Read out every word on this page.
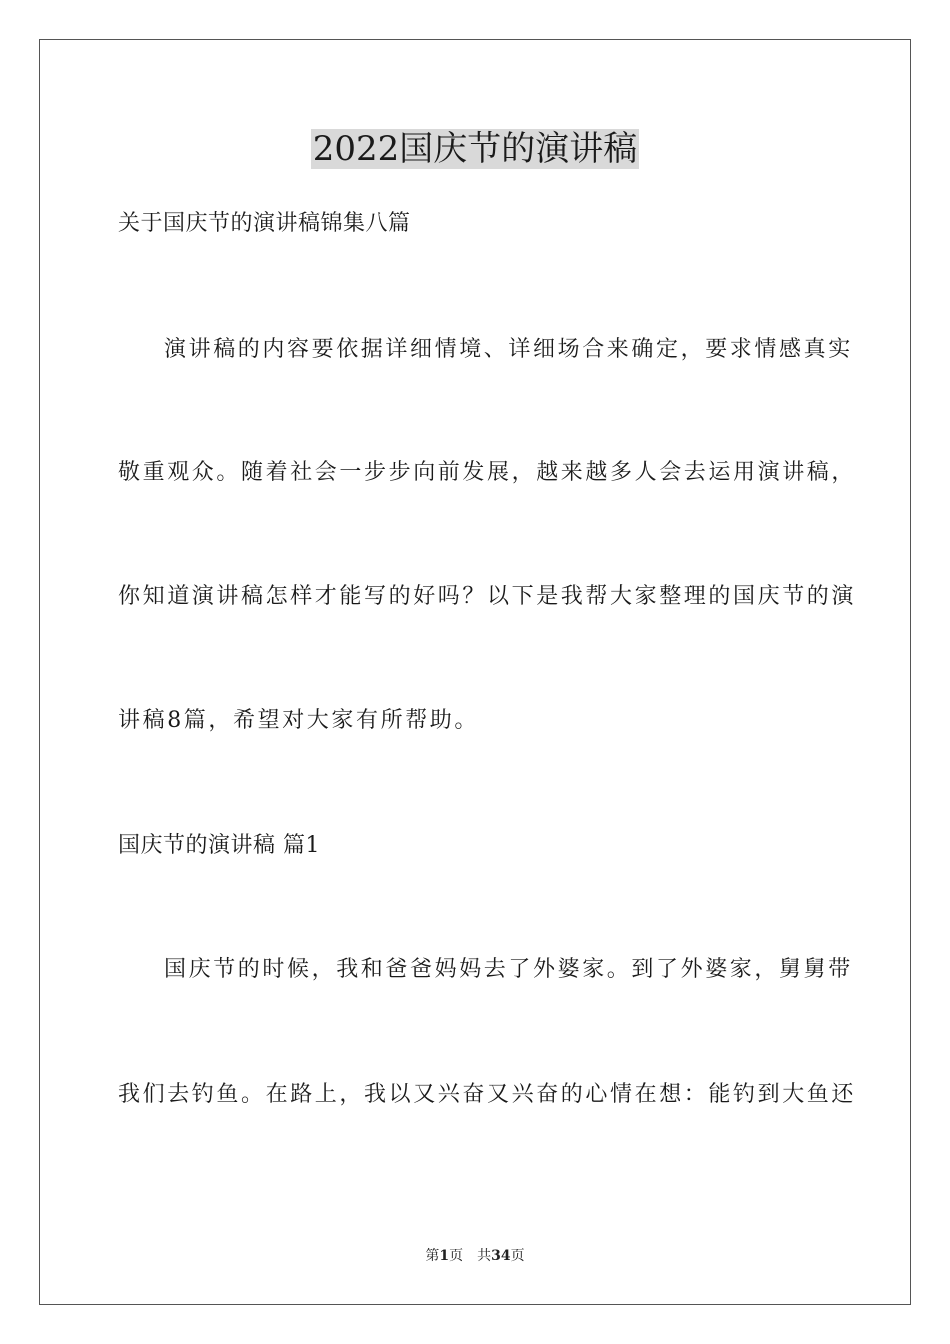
2022国庆节的演讲稿
关于国庆节的演讲稿锦集八篇
演讲稿的内容要依据详细情境、详细场合来确定，要求情感真实
敬重观众。随着社会一步步向前发展，越来越多人会去运用演讲稿，
你知道演讲稿怎样才能写的好吗？以下是我帮大家整理的国庆节的演
讲稿8篇，希望对大家有所帮助。
国庆节的演讲稿 篇1
国庆节的时候，我和爸爸妈妈去了外婆家。到了外婆家，舅舅带
我们去钓鱼。在路上，我以又兴奋又兴奋的心情在想：能钓到大鱼还
第1页 共34页
